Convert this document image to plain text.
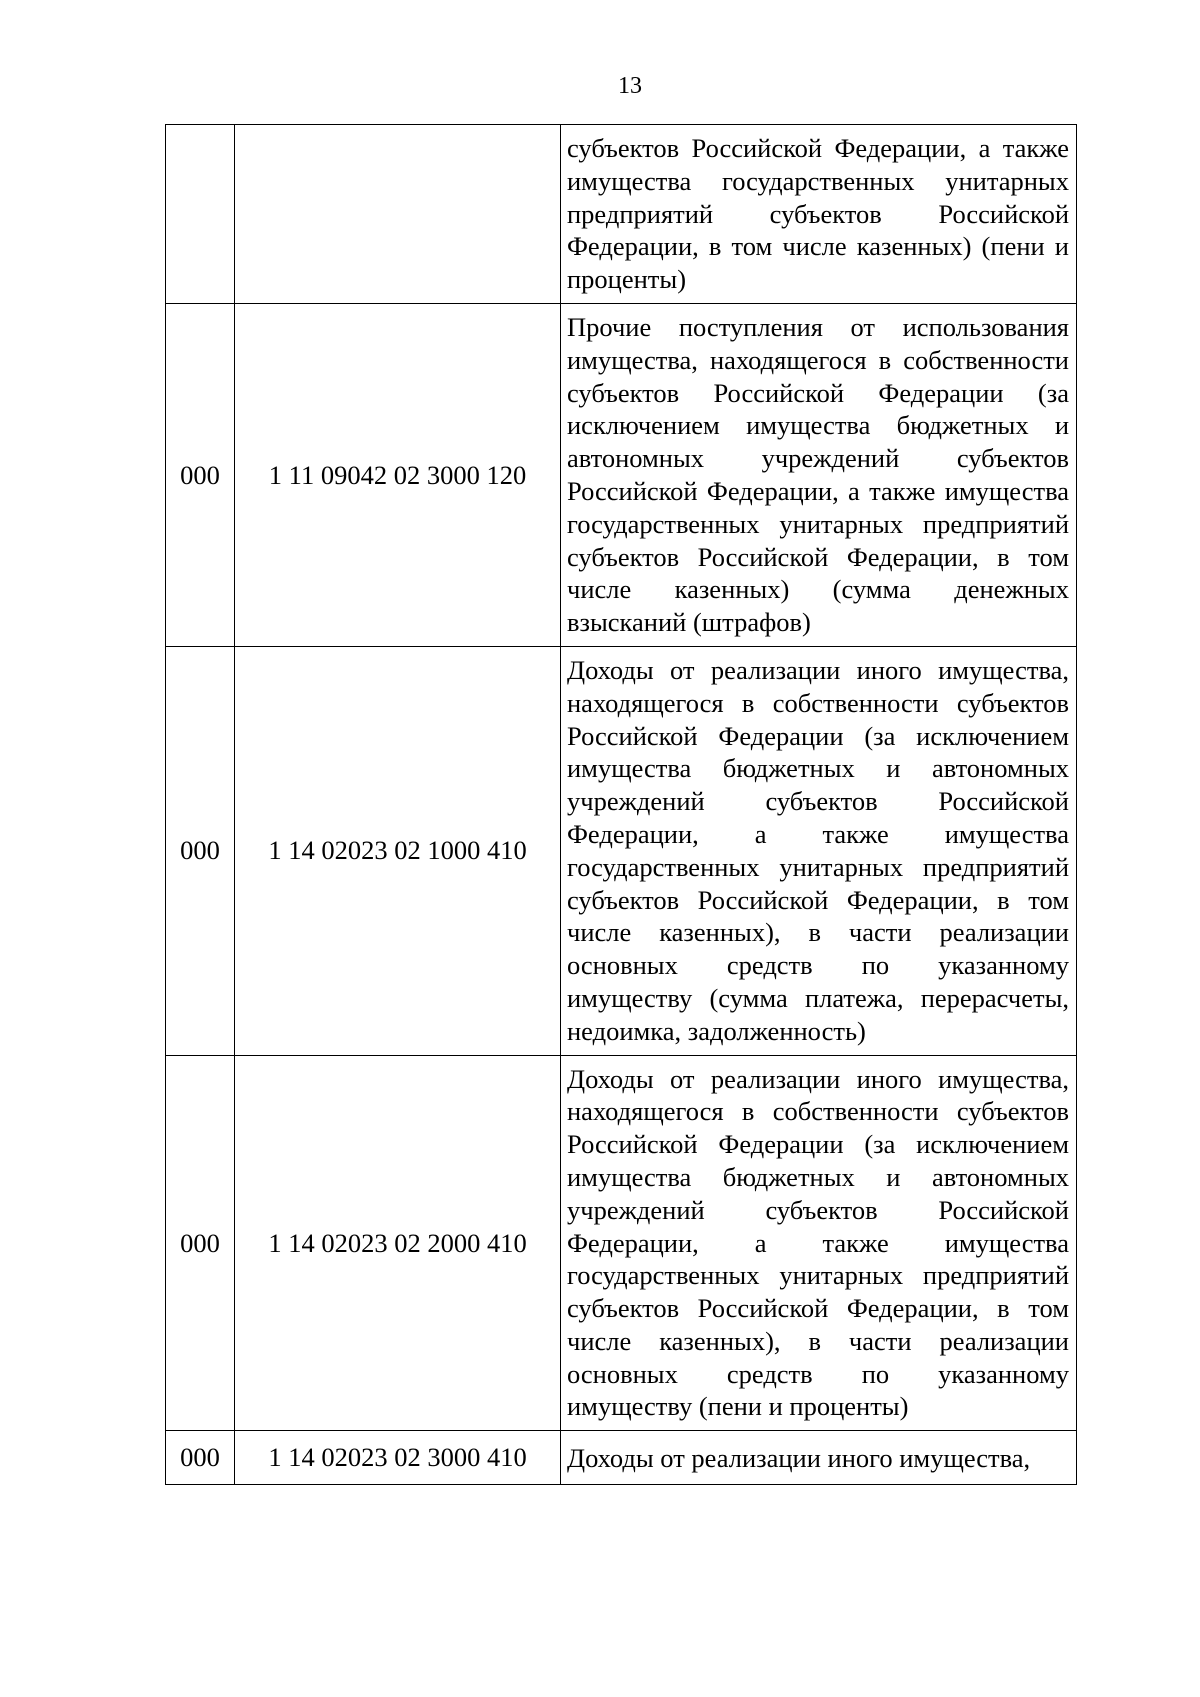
13
		субъектов Российской Федерации, а также имущества государственных унитарных предприятий субъектов Российской Федерации, в том числе казенных) (пени и проценты)
000	1 11 09042 02 3000 120	Прочие поступления от использования имущества, находящегося в собственности субъектов Российской Федерации (за исключением имущества бюджетных и автономных учреждений субъектов Российской Федерации, а также имущества государственных унитарных предприятий субъектов Российской Федерации, в том числе казенных) (сумма денежных взысканий (штрафов)
000	1 14 02023 02 1000 410	Доходы от реализации иного имущества, находящегося в собственности субъектов Российской Федерации (за исключением имущества бюджетных и автономных учреждений субъектов Российской Федерации, а также имущества государственных унитарных предприятий субъектов Российской Федерации, в том числе казенных), в части реализации основных средств по указанному имуществу (сумма платежа, перерасчеты, недоимка, задолженность)
000	1 14 02023 02 2000 410	Доходы от реализации иного имущества, находящегося в собственности субъектов Российской Федерации (за исключением имущества бюджетных и автономных учреждений субъектов Российской Федерации, а также имущества государственных унитарных предприятий субъектов Российской Федерации, в том числе казенных), в части реализации основных средств по указанному имуществу (пени и проценты)
000	1 14 02023 02 3000 410	Доходы от реализации иного имущества,
